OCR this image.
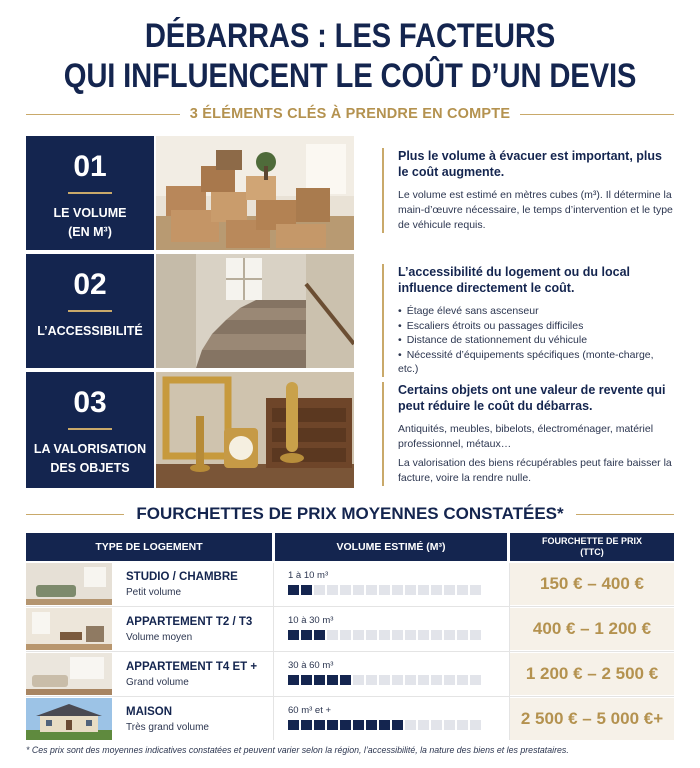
DÉBARRAS : LES FACTEURS
QUI INFLUENCENT LE COÛT D’UN DEVIS
3 ÉLÉMENTS CLÉS À PRENDRE EN COMPTE
01
LE VOLUME
(EN M³)
Plus le volume à évacuer est important, plus le coût augmente.
Le volume est estimé en mètres cubes (m³). Il détermine la main-d’œuvre nécessaire, le temps d’intervention et le type de véhicule requis.
02
L’ACCESSIBILITÉ
L’accessibilité du logement ou du local influence directement le coût.
• Étage élevé sans ascenseur
• Escaliers étroits ou passages difficiles
• Distance de stationnement du véhicule
• Nécessité d’équipements spécifiques (monte-charge, etc.)
03
LA VALORISATION
DES OBJETS
Certains objets ont une valeur de revente qui peut réduire le coût du débarras.
Antiquités, meubles, bibelots, électroménager, matériel professionnel, métaux…
La valorisation des biens récupérables peut faire baisser la facture, voire la rendre nulle.
FOURCHETTES DE PRIX MOYENNES CONSTATÉES*
TYPE DE LOGEMENT	VOLUME ESTIMÉ (M³)	FOURCHETTE DE PRIX
(TTC)
STUDIO / CHAMBRE
Petit volume
1 à 10 m³	150 € – 400 €
APPARTEMENT T2 / T3
Volume moyen
10 à 30 m³	400 € – 1 200 €
APPARTEMENT T4 ET +
Grand volume
30 à 60 m³	1 200 € – 2 500 €
MAISON
Très grand volume
60 m³ et +	2 500 € – 5 000 €+
* Ces prix sont des moyennes indicatives constatées et peuvent varier selon la région, l’accessibilité, la nature des biens et les prestataires.
